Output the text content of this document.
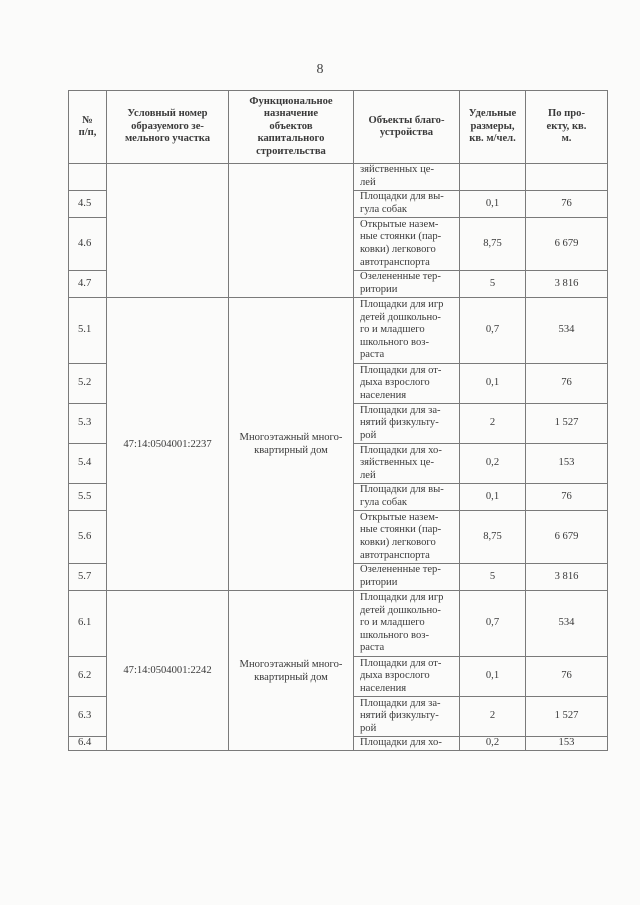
8
№
п/п,	Условный номер
образуемого зе-
мельного участка	Функциональное
назначение
объектов
капитального
строительства	Объекты благо-
устройства	Удельные
размеры,
кв. м/чел.	По про-
екту, кв.
м.
			зяйственных це-
лей		
4.5			Площадки для вы-
гула собак	0,1	76
4.6			Открытые назем-
ные стоянки (пар-
ковки) легкового
автотранспорта	8,75	6 679
4.7			Озелененные тер-
ритории	5	3 816
5.1	47:14:0504001:2237	Многоэтажный много-
квартирный дом	Площадки для игр
детей дошкольно-
го и младшего
школьного воз-
раста	0,7	534
5.2			Площадки для от-
дыха взрослого
населения	0,1	76
5.3			Площадки для за-
нятий физкульту-
рой	2	1 527
5.4			Площадки для хо-
зяйственных це-
лей	0,2	153
5.5			Площадки для вы-
гула собак	0,1	76
5.6			Открытые назем-
ные стоянки (пар-
ковки) легкового
автотранспорта	8,75	6 679
5.7			Озелененные тер-
ритории	5	3 816
6.1	47:14:0504001:2242	Многоэтажный много-
квартирный дом	Площадки для игр
детей дошкольно-
го и младшего
школьного воз-
раста	0,7	534
6.2			Площадки для от-
дыха взрослого
населения	0,1	76
6.3			Площадки для за-
нятий физкульту-
рой	2	1 527
6.4			Площадки для хо-	0,2	153
